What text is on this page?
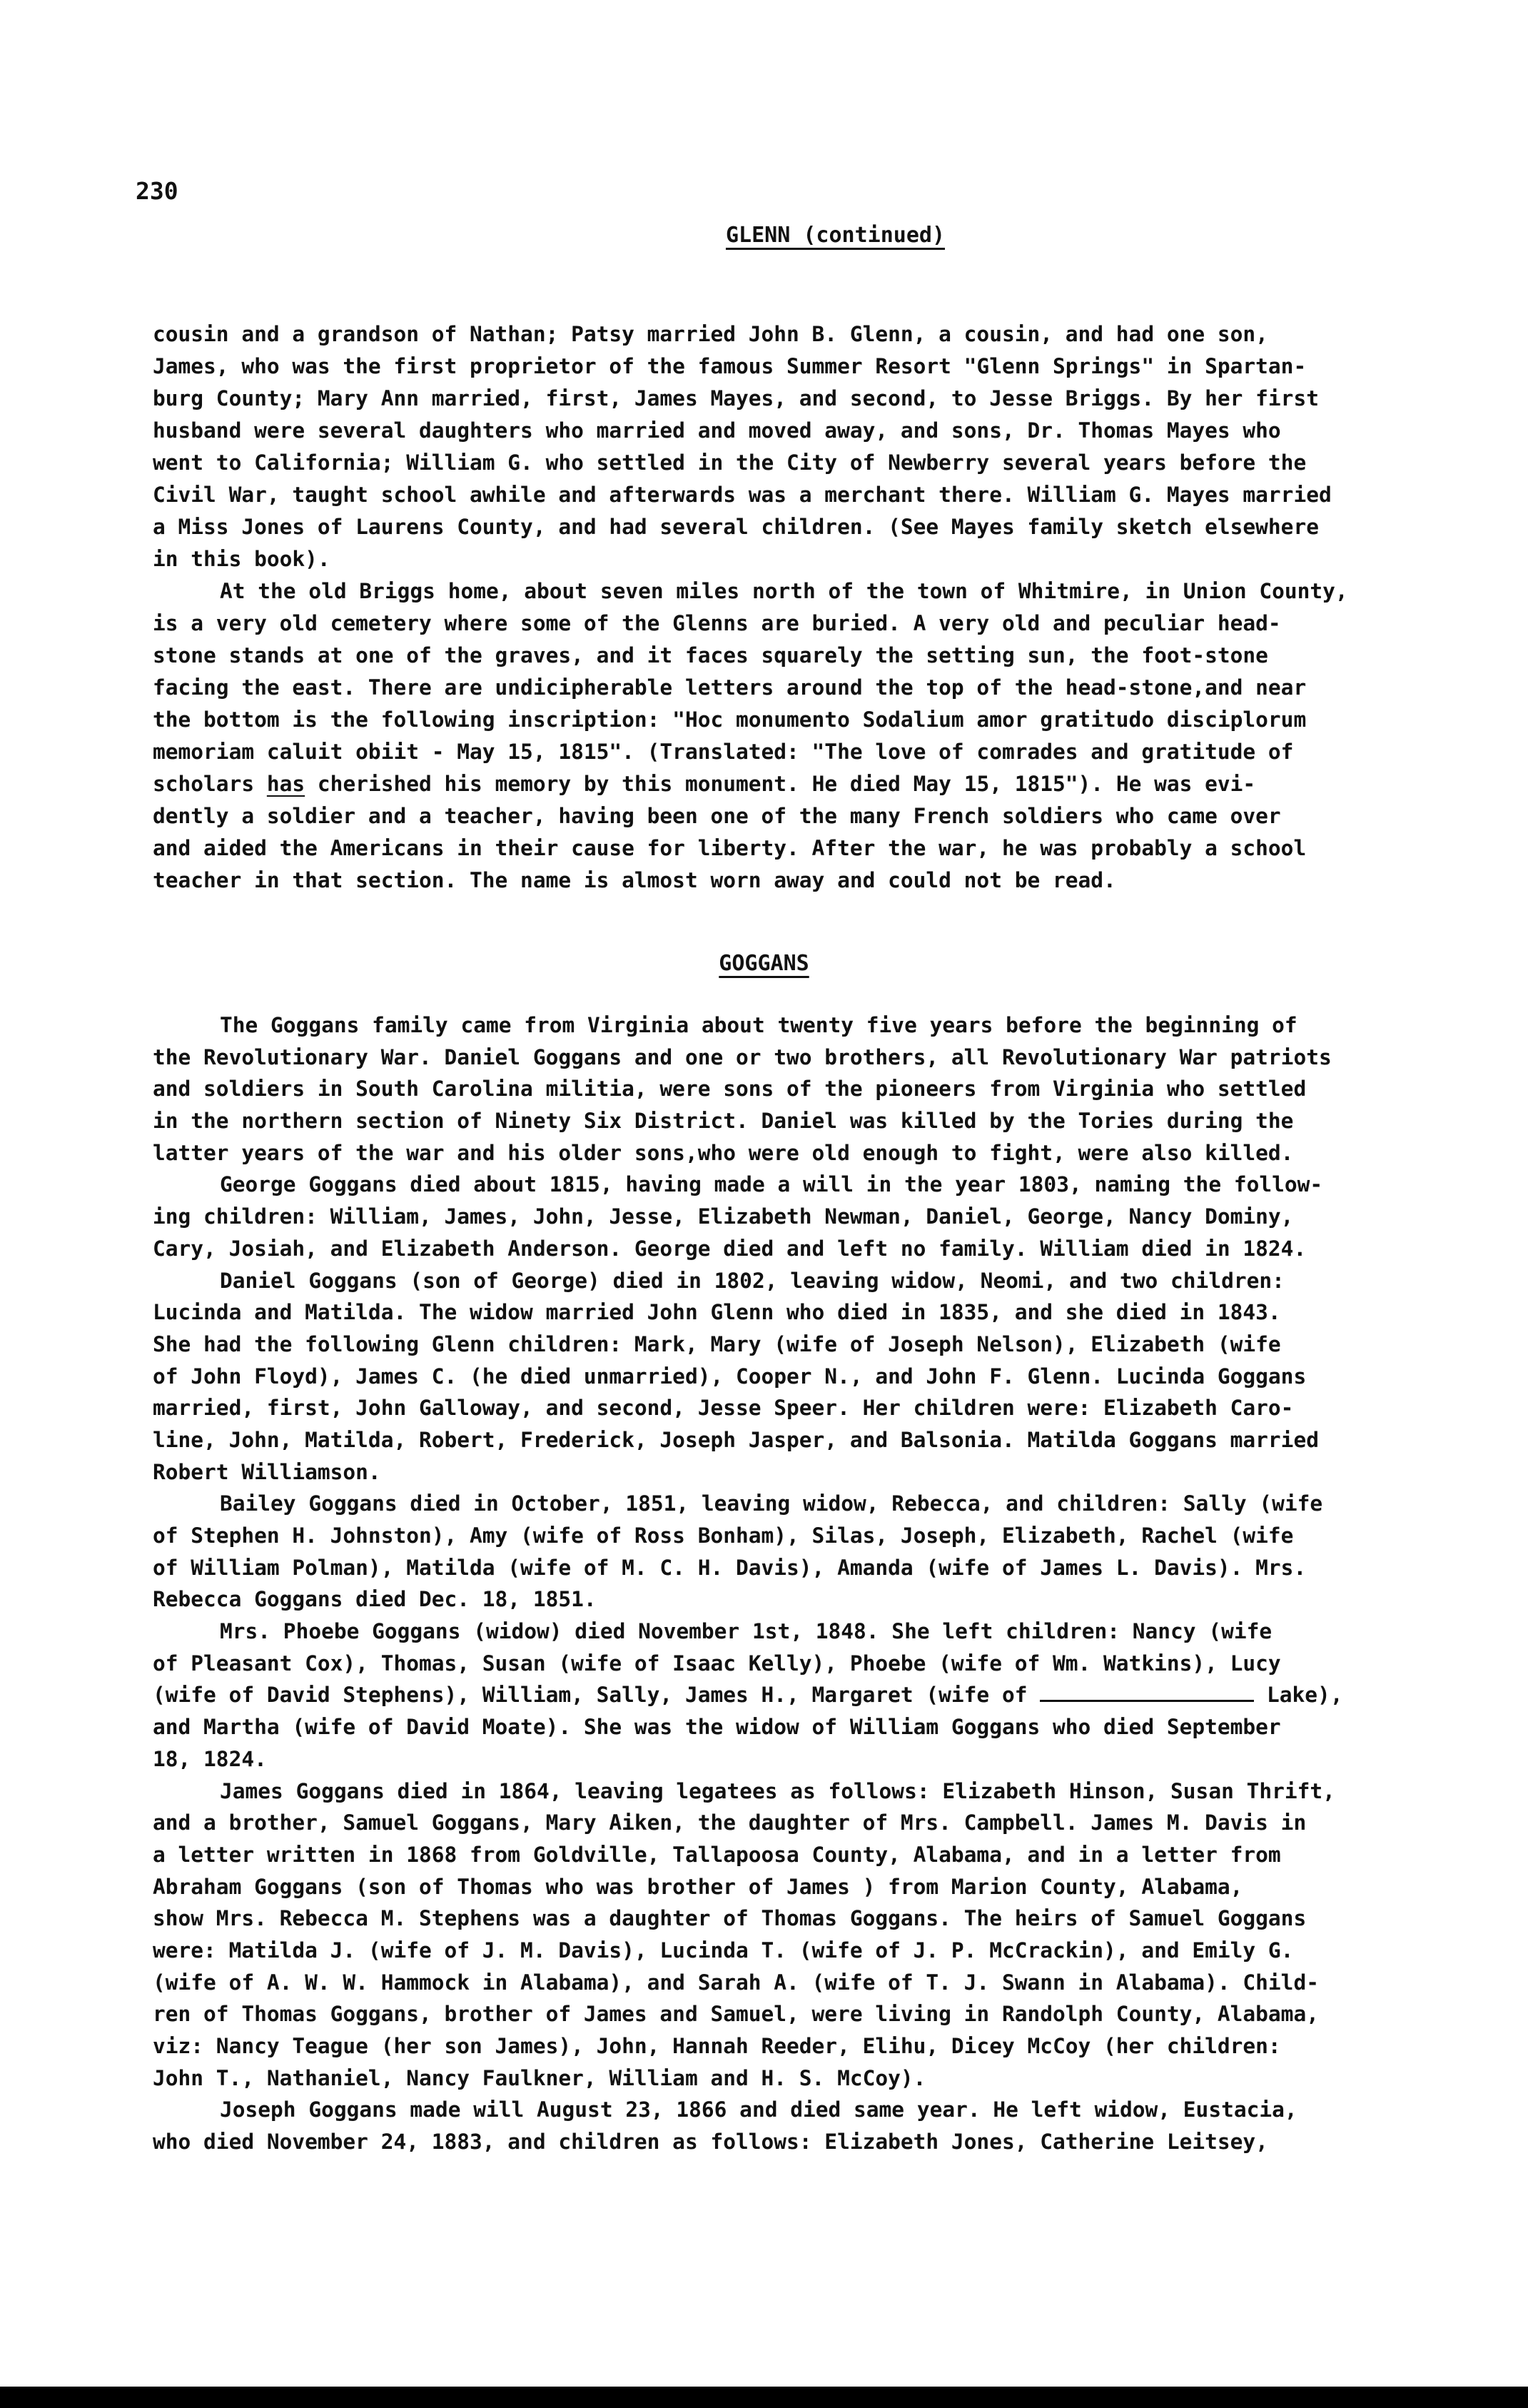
230
GLENN (continued)
cousin and a grandson of Nathan; Patsy married John B. Glenn, a cousin, and had one son,
James, who was the first proprietor of the famous Summer Resort "Glenn Springs" in Spartan-
burg County; Mary Ann married, first, James Mayes, and second, to Jesse Briggs. By her first
husband were several daughters who married and moved away, and sons, Dr. Thomas Mayes who
went to California; William G. who settled in the City of Newberry several years before the
Civil War, taught school awhile and afterwards was a merchant there. William G. Mayes married
a Miss Jones of Laurens County, and had several children. (See Mayes family sketch elsewhere
in this book).
At the old Briggs home, about seven miles north of the town of Whitmire, in Union County,
is a very old cemetery where some of the Glenns are buried. A very old and peculiar head-
stone stands at one of the graves, and it faces squarely the setting sun, the foot-stone
facing the east. There are undicipherable letters around the top of the head-stone,and near
the bottom is the following inscription: "Hoc monumento Sodalium amor gratitudo disciplorum
memoriam caluit obiit - May 15, 1815". (Translated: "The love of comrades and gratitude of
scholars has cherished his memory by this monument. He died May 15, 1815"). He was evi-
dently a soldier and a teacher, having been one of the many French soldiers who came over
and aided the Americans in their cause for liberty. After the war, he was probably a school
teacher in that section. The name is almost worn away and could not be read.
GOGGANS
The Goggans family came from Virginia about twenty five years before the beginning of
the Revolutionary War. Daniel Goggans and one or two brothers, all Revolutionary War patriots
and soldiers in South Carolina militia, were sons of the pioneers from Virginia who settled
in the northern section of Ninety Six District. Daniel was killed by the Tories during the
latter years of the war and his older sons,who were old enough to fight, were also killed.
George Goggans died about 1815, having made a will in the year 1803, naming the follow-
ing children: William, James, John, Jesse, Elizabeth Newman, Daniel, George, Nancy Dominy,
Cary, Josiah, and Elizabeth Anderson. George died and left no family. William died in 1824.
Daniel Goggans (son of George) died in 1802, leaving widow, Neomi, and two children:
Lucinda and Matilda. The widow married John Glenn who died in 1835, and she died in 1843.
She had the following Glenn children: Mark, Mary (wife of Joseph Nelson), Elizabeth (wife
of John Floyd), James C. (he died unmarried), Cooper N., and John F. Glenn. Lucinda Goggans
married, first, John Galloway, and second, Jesse Speer. Her children were: Elizabeth Caro-
line, John, Matilda, Robert, Frederick, Joseph Jasper, and Balsonia. Matilda Goggans married
Robert Williamson.
Bailey Goggans died in October, 1851, leaving widow, Rebecca, and children: Sally (wife
of Stephen H. Johnston), Amy (wife of Ross Bonham), Silas, Joseph, Elizabeth, Rachel (wife
of William Polman), Matilda (wife of M. C. H. Davis), Amanda (wife of James L. Davis). Mrs.
Rebecca Goggans died Dec. 18, 1851.
Mrs. Phoebe Goggans (widow) died November 1st, 1848. She left children: Nancy (wife
of Pleasant Cox), Thomas, Susan (wife of Isaac Kelly), Phoebe (wife of Wm. Watkins), Lucy
(wife of David Stephens), William, Sally, James H., Margaret (wife of	Lake),
and Martha (wife of David Moate). She was the widow of William Goggans who died September
18, 1824.
James Goggans died in 1864, leaving legatees as follows: Elizabeth Hinson, Susan Thrift,
and a brother, Samuel Goggans, Mary Aiken, the daughter of Mrs. Campbell. James M. Davis in
a letter written in 1868 from Goldville, Tallapoosa County, Alabama, and in a letter from
Abraham Goggans (son of Thomas who was brother of James ) from Marion County, Alabama,
show Mrs. Rebecca M. Stephens was a daughter of Thomas Goggans. The heirs of Samuel Goggans
were: Matilda J. (wife of J. M. Davis), Lucinda T. (wife of J. P. McCrackin), and Emily G.
(wife of A. W. W. Hammock in Alabama), and Sarah A. (wife of T. J. Swann in Alabama). Child-
ren of Thomas Goggans, brother of James and Samuel, were living in Randolph County, Alabama,
viz: Nancy Teague (her son James), John, Hannah Reeder, Elihu, Dicey McCoy (her children:
John T., Nathaniel, Nancy Faulkner, William and H. S. McCoy).
Joseph Goggans made will August 23, 1866 and died same year. He left widow, Eustacia,
who died November 24, 1883, and children as follows: Elizabeth Jones, Catherine Leitsey,
